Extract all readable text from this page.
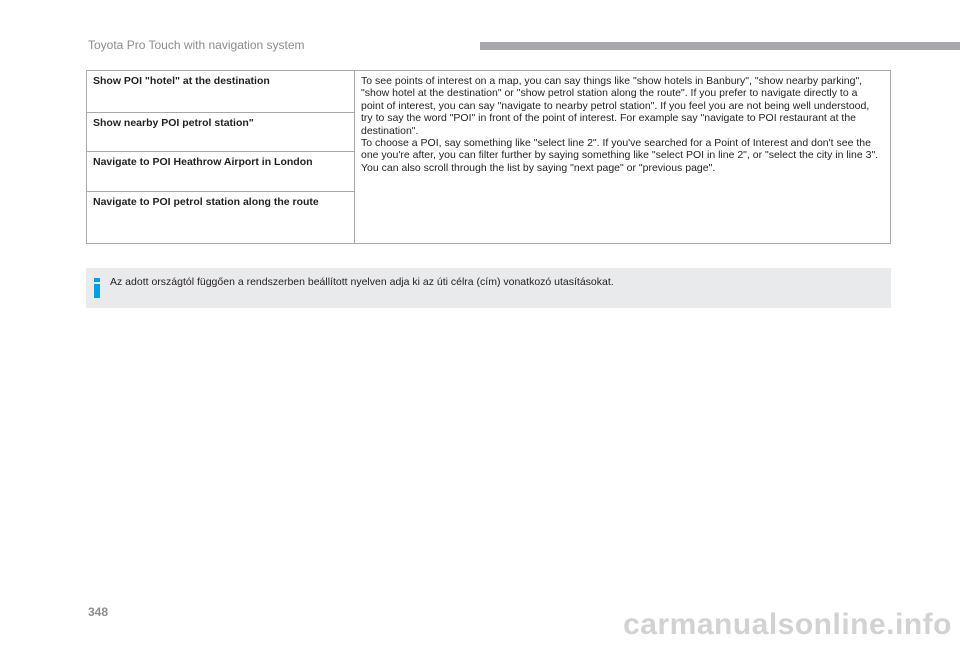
Toyota Pro Touch with navigation system
Show POI "hotel" at the destination
Show nearby POI petrol station"
Navigate to POI Heathrow Airport in London
Navigate to POI petrol station along the route
To see points of interest on a map, you can say things like "show hotels in Banbury", "show nearby parking", "show hotel at the destination" or "show petrol station along the route". If you prefer to navigate directly to a point of interest, you can say "navigate to nearby petrol station". If you feel you are not being well understood, try to say the word "POI" in front of the point of interest. For example say "navigate to POI restaurant at the destination".
To choose a POI, say something like "select line 2". If you've searched for a Point of Interest and don't see the one you're after, you can filter further by saying something like "select POI in line 2", or "select the city in line 3". You can also scroll through the list by saying "next page" or "previous page".
Az adott országtól függően a rendszerben beállított nyelven adja ki az úti célra (cím) vonatkozó utasításokat.
348	carmanualsonline.info
